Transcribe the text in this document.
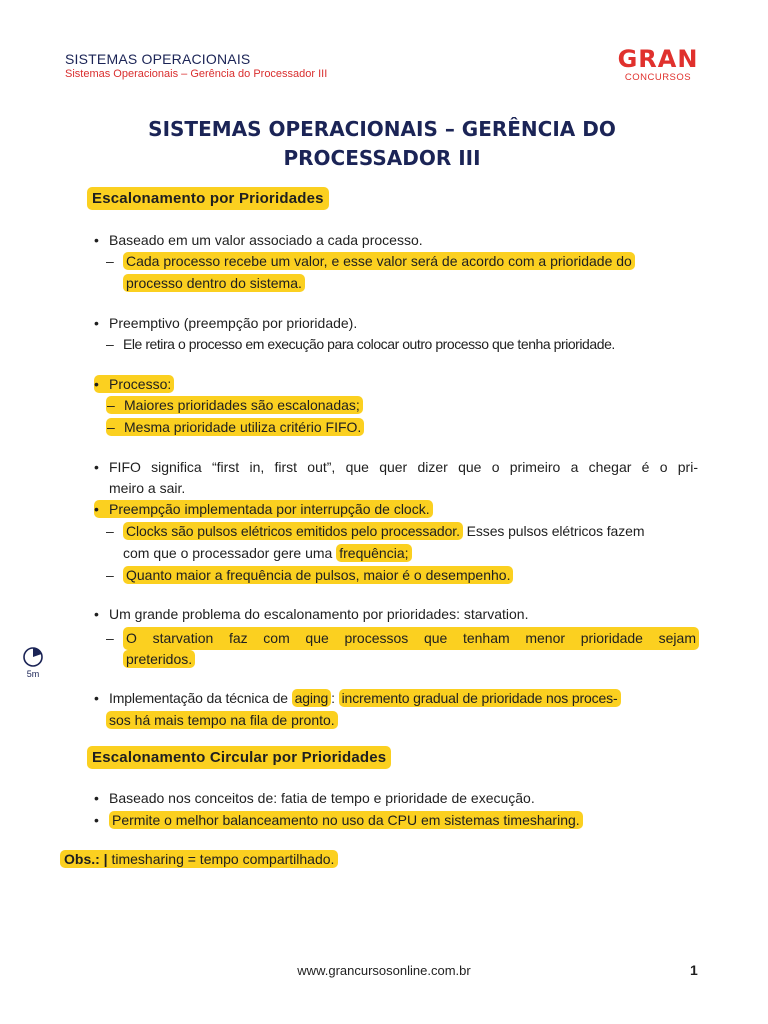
SISTEMAS OPERACIONAIS
Sistemas Operacionais – Gerência do Processador III
GRAN
CONCURSOS
SISTEMAS OPERACIONAIS – GERÊNCIA DO PROCESSADOR III
Escalonamento por Prioridades
• Baseado em um valor associado a cada processo.
– Cada processo recebe um valor, e esse valor será de acordo com a prioridade do
processo dentro do sistema.
• Preemptivo (preempção por prioridade).
– Ele retira o processo em execução para colocar outro processo que tenha prioridade.
• Processo:
– Maiores prioridades são escalonadas;
– Mesma prioridade utiliza critério FIFO.
• FIFO significa “first in, first out”, que quer dizer que o primeiro a chegar é o pri-
meiro a sair.
• Preempção implementada por interrupção de clock.
– Clocks são pulsos elétricos emitidos pelo processador. Esses pulsos elétricos fazem
com que o processador gere uma frequência;
– Quanto maior a frequência de pulsos, maior é o desempenho.
• Um grande problema do escalonamento por prioridades: starvation.
– O starvation faz com que processos que tenham menor prioridade sejam
preteridos.
• Implementação da técnica de aging : incremento gradual de prioridade nos proces-
sos há mais tempo na fila de pronto.
Escalonamento Circular por Prioridades
• Baseado nos conceitos de: fatia de tempo e prioridade de execução.
• Permite o melhor balanceamento no uso da CPU em sistemas timesharing.
Obs.: | timesharing = tempo compartilhado.
5m
www.grancursosonline.com.br	1
